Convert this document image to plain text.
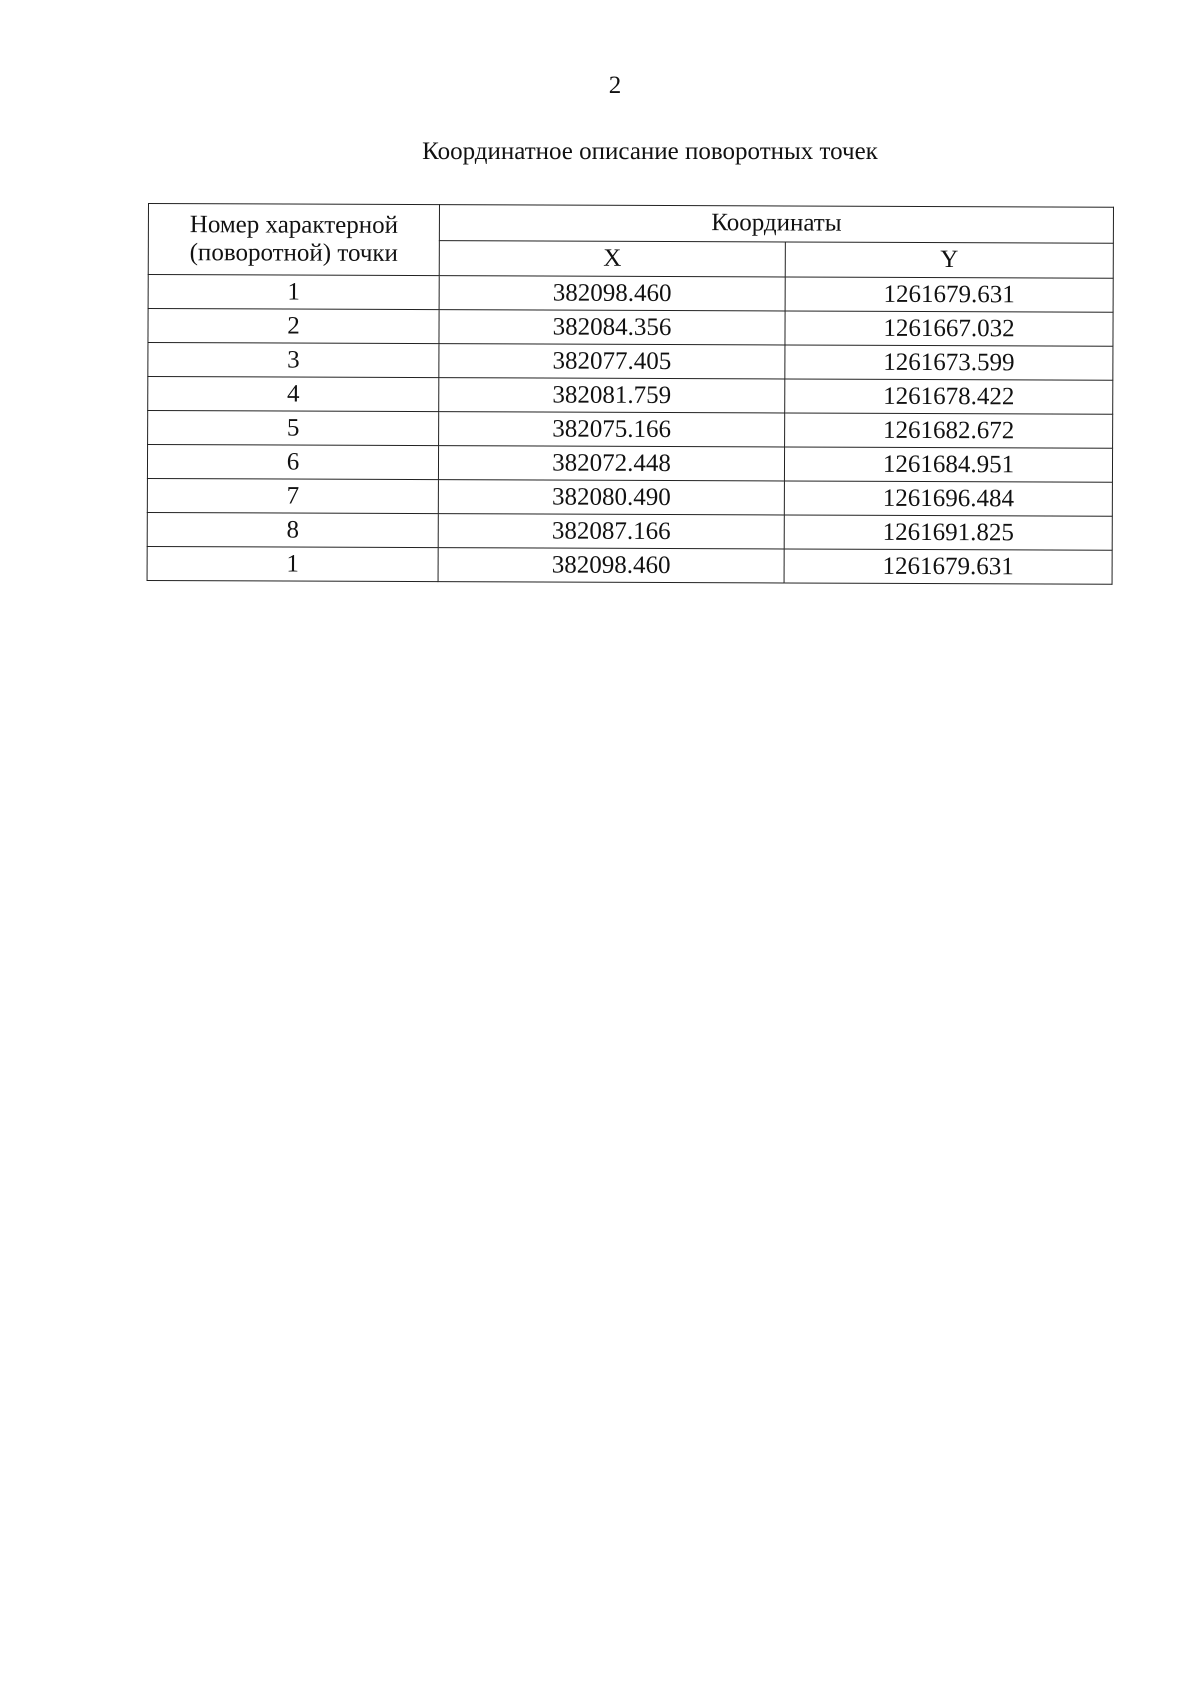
2
Координатное описание поворотных точек
Номер характерной
(поворотной) точки	Координаты	
	X	Y
1	382098.460	1261679.631
2	382084.356	1261667.032
3	382077.405	1261673.599
4	382081.759	1261678.422
5	382075.166	1261682.672
6	382072.448	1261684.951
7	382080.490	1261696.484
8	382087.166	1261691.825
1	382098.460	1261679.631
